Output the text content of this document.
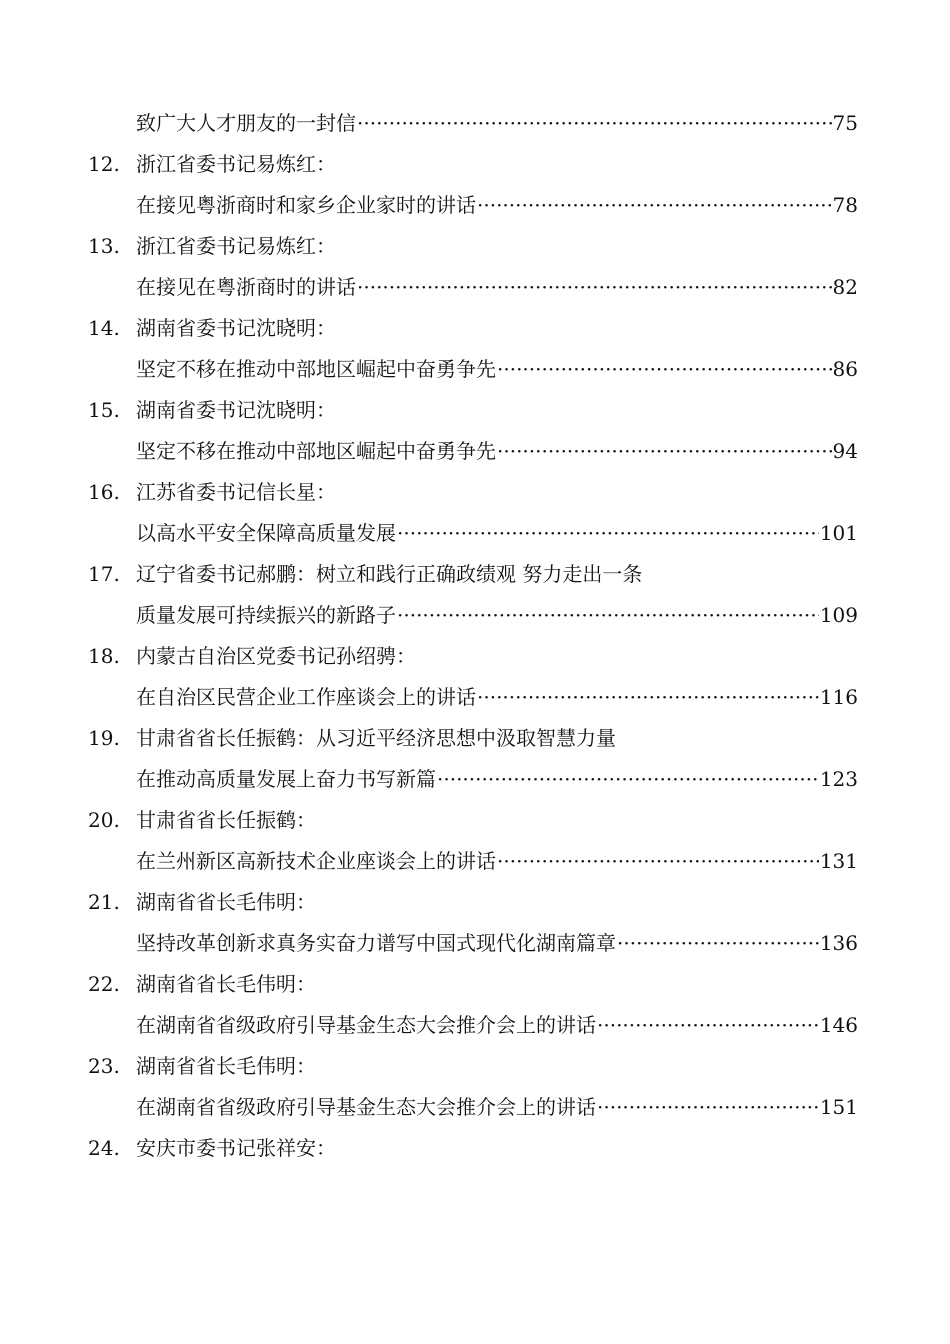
致广大人才朋友的一封信 ·····	75
12. 浙江省委书记易炼红：
在接见粤浙商时和家乡企业家时的讲话 ·····	78
13. 浙江省委书记易炼红：
在接见在粤浙商时的讲话 ·····	82
14. 湖南省委书记沈晓明：
坚定不移在推动中部地区崛起中奋勇争先 ·····	86
15. 湖南省委书记沈晓明：
坚定不移在推动中部地区崛起中奋勇争先 ·····	94
16. 江苏省委书记信长星：
以高水平安全保障高质量发展 ·····	101
17. 辽宁省委书记郝鹏：树立和践行正确政绩观 努力走出一条
质量发展可持续振兴的新路子 ·····	109
18. 内蒙古自治区党委书记孙绍骋：
在自治区民营企业工作座谈会上的讲话 ·····	116
19. 甘肃省省长任振鹤：从习近平经济思想中汲取智慧力量
在推动高质量发展上奋力书写新篇 ·····	123
20. 甘肃省省长任振鹤：
在兰州新区高新技术企业座谈会上的讲话 ·····	131
21. 湖南省省长毛伟明：
坚持改革创新求真务实奋力谱写中国式现代化湖南篇章 ·····	136
22. 湖南省省长毛伟明：
在湖南省省级政府引导基金生态大会推介会上的讲话 ·····	146
23. 湖南省省长毛伟明：
在湖南省省级政府引导基金生态大会推介会上的讲话 ·····	151
24. 安庆市委书记张祥安：
